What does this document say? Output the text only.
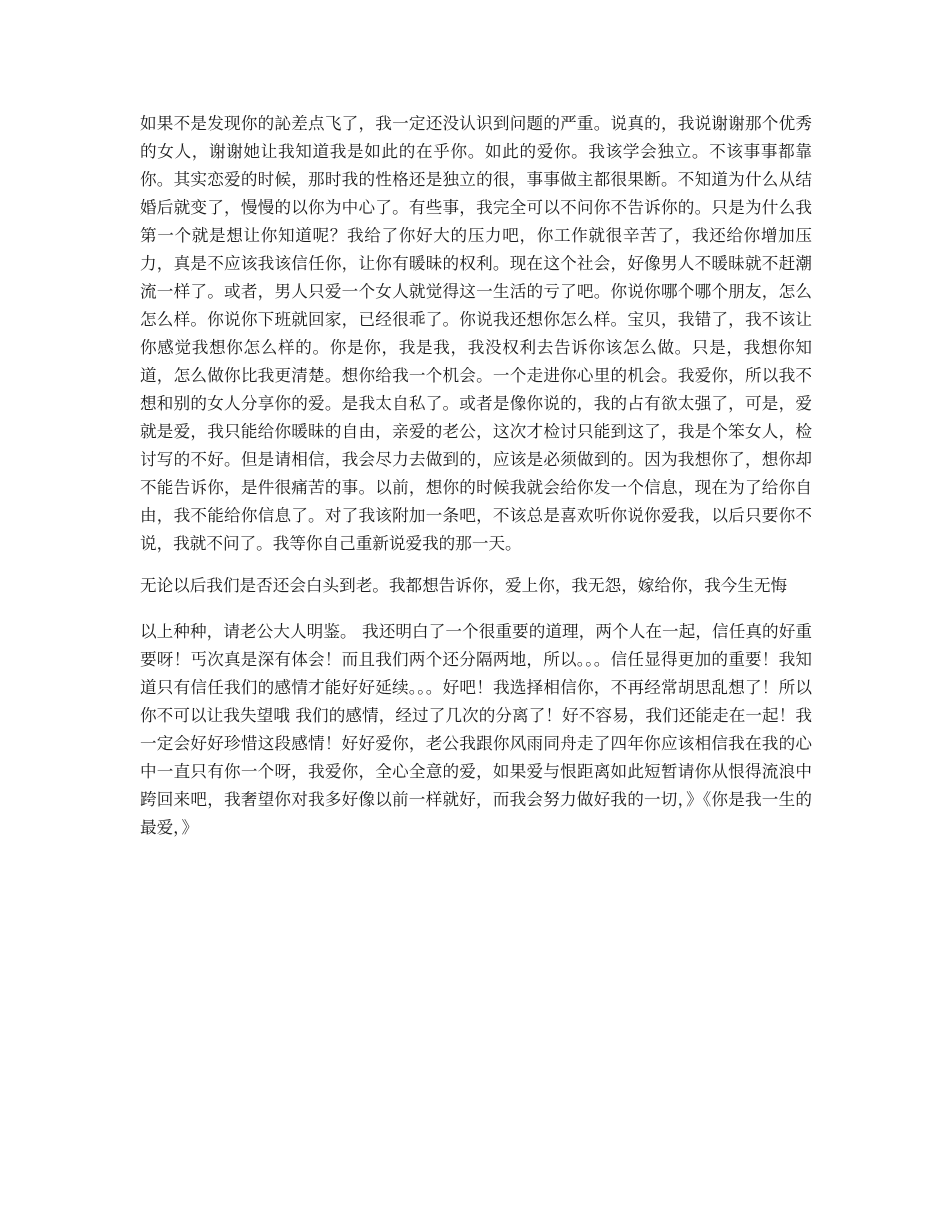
如果不是发现你的訫差点飞了，我一定还没认识到问题的严重。说真的，我说谢谢那个优秀的女人，谢谢她让我知道我是如此的在乎你。如此的爱你。我该学会独立。不该事事都靠你。其实恋爱的时候，那时我的性格还是独立的很，事事做主都很果断。不知道为什么从结婚后就变了，慢慢的以你为中心了。有些事，我完全可以不问你不告诉你的。只是为什么我第一个就是想让你知道呢？我给了你好大的压力吧，你工作就很辛苦了，我还给你增加压力，真是不应该我该信任你，让你有暖昧的权利。现在这个社会，好像男人不暖昧就不赶潮流一样了。或者，男人只爱一个女人就觉得这一生活的亏了吧。你说你哪个哪个朋友，怎么怎么样。你说你下班就回家，已经很乖了。你说我还想你怎么样。宝贝，我错了，我不该让你感觉我想你怎么样的。你是你，我是我，我没权利去告诉你该怎么做。只是，我想你知道，怎么做你比我更清楚。想你给我一个机会。一个走进你心里的机会。我爱你，所以我不想和别的女人分享你的爱。是我太自私了。或者是像你说的，我的占有欲太强了，可是，爱就是爱，我只能给你暖昧的自由，亲爱的老公，这次才检讨只能到这了，我是个笨女人，检讨写的不好。但是请相信，我会尽力去做到的，应该是必须做到的。因为我想你了，想你却不能告诉你，是件很痛苦的事。以前，想你的时候我就会给你发一个信息，现在为了给你自由，我不能给你信息了。对了我该附加一条吧，不该总是喜欢听你说你爱我，以后只要你不说，我就不问了。我等你自己重新说爱我的那一天。

无论以后我们是否还会白头到老。我都想告诉你，爱上你，我无怨，嫁给你，我今生无悔

以上种种，请老公大人明鉴。 我还明白了一个很重要的道理，两个人在一起，信任真的好重要呀！丐次真是深有体会！而且我们两个还分隔两地，所以。。。信任显得更加的重要！我知道只有信任我们的感情才能好好延续。。。好吧！我选择相信你，不再经常胡思乱想了！所以你不可以让我失望哦 我们的感情，经过了几次的分离了！好不容易，我们还能走在一起！我一定会好好珍惜这段感情！好好爱你，老公我跟你风雨同舟走了四年你应该相信我在我的心中一直只有你一个呀，我爱你，全心全意的爱，如果爱与恨距离如此短暂请你从恨得流浪中跨回来吧，我奢望你对我多好像以前一样就好，而我会努力做好我的一切，》《你是我一生的最爱，》
